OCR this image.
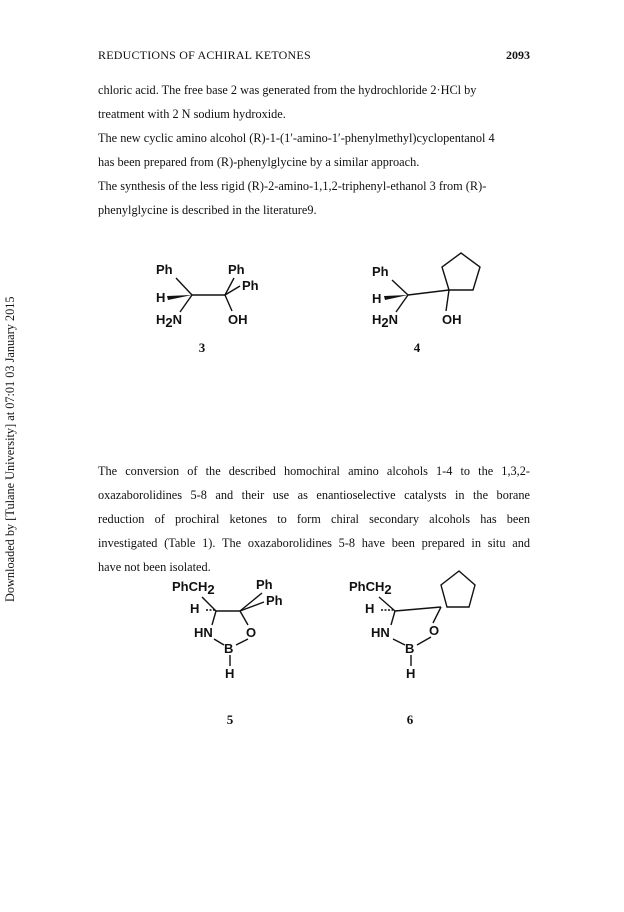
REDUCTIONS OF ACHIRAL KETONES	2093
Downloaded by [Tulane University] at 07:01 03 January 2015

chloric acid. The free base 2 was generated from the hydrochloride 2·HCl by
treatment with 2 N sodium hydroxide.

The new cyclic amino alcohol (R)-1-(1′-amino-1′-phenylmethyl)cyclopentanol 4

has been prepared from (R)-phenylglycine by a similar approach.

The synthesis of the less rigid (R)-2-amino-1,1,2-triphenyl-ethanol 3 from (R)-
phenylglycine is described in the literature9.

Ph	Ph
Ph
H
H2N	OH
3
Ph
H
H2N	OH
4

The conversion of the described homochiral amino alcohols 1-4 to the 1,3,2-
oxazaborolidines 5-8 and their use as enantioselective catalysts in the borane
reduction of prochiral ketones to form chiral secondary alcohols has been
investigated (Table 1). The oxazaborolidines 5-8 have been prepared in situ and
have not been isolated.

PhCH2	Ph
Ph
H
HN	O
B
H
5
PhCH2
H
HN	O
B
H
6
